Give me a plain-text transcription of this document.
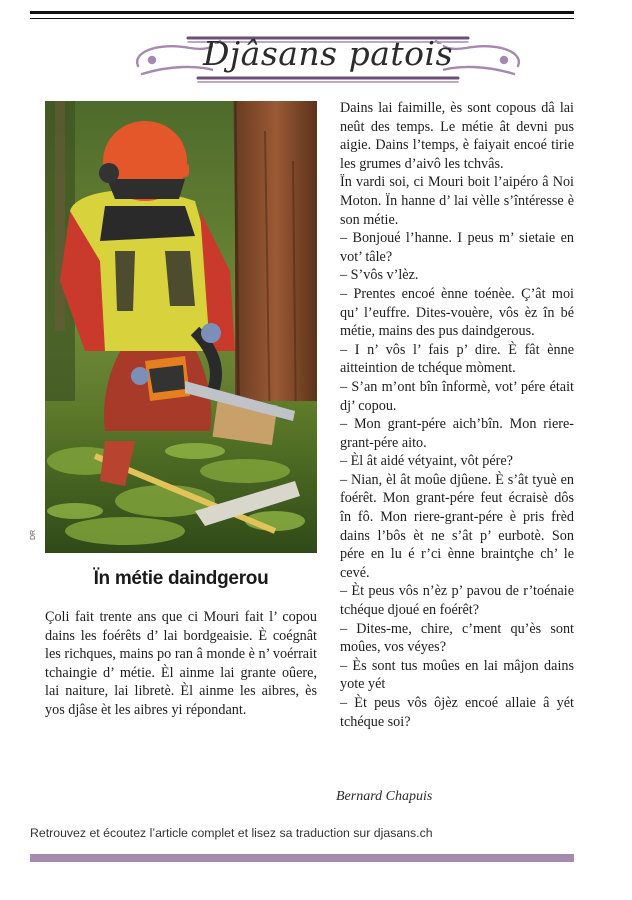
Djâsans patois
DR
Ïn métie daindgerou

Çoli fait trente ans que ci Mouri fait l’ copou dains les foérêts d’ lai bordgeaisie. È coégnât les richques, mains po ran â monde è n’ voérrait tchaingie d’ métie. Èl ainme lai grante oûere, lai naiture, lai libretè. Èl ainme les aibres, ès yos djâse èt les aibres yi répondant.

Dains lai faimille, ès sont copous dâ lai neût des temps. Le métie ât devni pus aigie. Dains l’temps, è faiyait encoé tirie les grumes d’aivô les tchvâs.

Ïn vardi soi, ci Mouri boit l’aipéro â Noi Moton. Ïn hanne d’ lai vèlle s’întéresse è son métie.

– Bonjoué l’hanne. I peus m’ sietaie en vot’ tâle?

– S’vôs v’lèz.

– Prentes encoé ènne toénèe. Ç’ât moi qu’ l’euffre. Dites-vouère, vôs èz în bé métie, mains des pus daindgerous.

– I n’ vôs l’ fais p’ dire. È fât ènne aitteintion de tchéque mòment.

– S’an m’ont bîn înformè, vot’ pére était dj’ copou.

– Mon grant-pére aich’bîn. Mon riere-grant-pére aito.

– Èl ât aidé vétyaint, vôt pére?

– Nian, èl ât moûe djûene. È s’ât tyuè en foérêt. Mon grant-pére feut écraisè dôs în fô. Mon riere-grant-pére è pris frèd dains l’bôs èt ne s’ât p’ eurbotè. Son pére en lu é r’ci ènne braintçhe ch’ le cevé.

– Èt peus vôs n’èz p’ pavou de r’toénaie tchéque djoué en foérêt?

– Dites-me, chire, c’ment qu’ès sont moûes, vos véyes?

– Ès sont tus moûes en lai mâjon dains yote yét

– Èt peus vôs ôjèz encoé allaie â yét tchéque soi?

Bernard Chapuis
Retrouvez et écoutez l’article complet et lisez sa traduction sur djasans.ch
